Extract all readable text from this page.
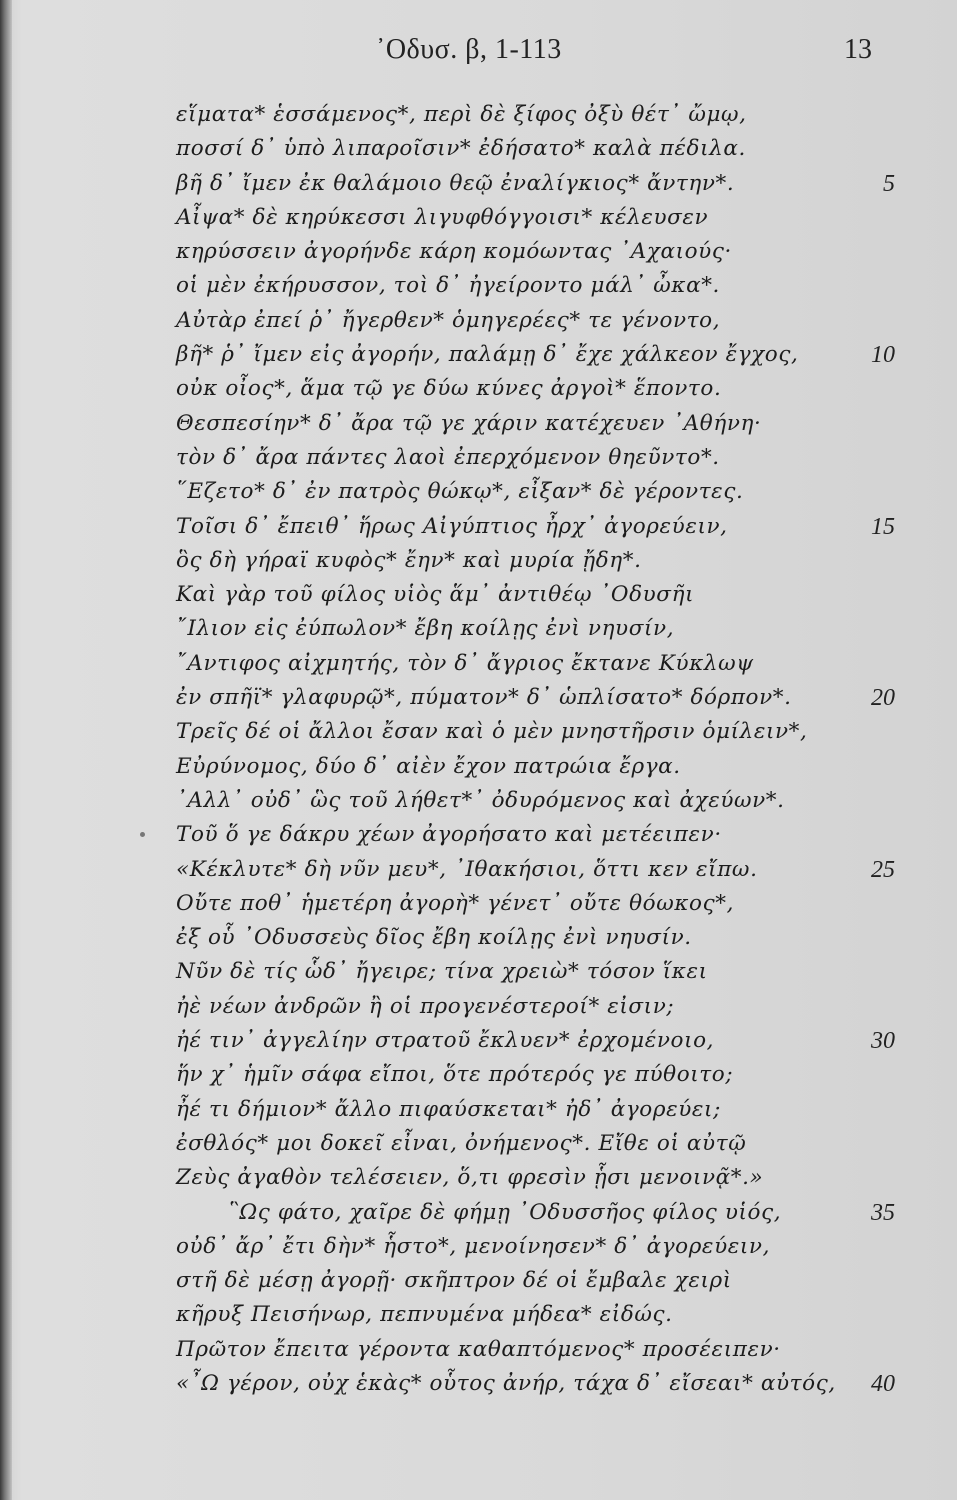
᾿Οδυσ. β, 1-113	13
εἵματα* ἑσσάμενος*, περὶ δὲ ξίφος ὀξὺ θέτ᾿ ὤμῳ,
ποσσί δ᾿ ὑπὸ λιπαροῖσιν* ἐδήσατο* καλὰ πέδιλα.
βῆ δ᾿ ἴμεν ἐκ θαλάμοιο θεῷ ἐναλίγκιος* ἄντην*.	5
Αἶψα* δὲ κηρύκεσσι λιγυφθόγγοισι* κέλευσεν
κηρύσσειν ἀγορήνδε κάρη κομόωντας ᾿Αχαιούς·
οἱ μὲν ἐκήρυσσον, τοὶ δ᾿ ἠγείροντο μάλ᾿ ὦκα*.
Αὐτὰρ ἐπεί ῥ᾿ ἤγερθεν* ὁμηγερέες* τε γένοντο,
βῆ* ῥ᾿ ἴμεν εἰς ἀγορήν, παλάμῃ δ᾿ ἔχε χάλκεον ἔγχος,	10
οὐκ οἶος*, ἅμα τῷ γε δύω κύνες ἀργοὶ* ἕποντο.
Θεσπεσίην* δ᾿ ἄρα τῷ γε χάριν κατέχευεν ᾿Αθήνη·
τὸν δ᾿ ἄρα πάντες λαοὶ ἐπερχόμενον θηεῦντο*.
῞Εζετο* δ᾿ ἐν πατρὸς θώκῳ*, εἶξαν* δὲ γέροντες.
Τοῖσι δ᾿ ἔπειθ᾿ ἥρως Αἰγύπτιος ἦρχ᾿ ἀγορεύειν,	15
ὃς δὴ γήραϊ κυφὸς* ἔην* καὶ μυρία ᾔδη*.
Καὶ γὰρ τοῦ φίλος υἱὸς ἅμ᾿ ἀντιθέῳ ᾿Οδυσῆι
῎Ιλιον εἰς ἐύπωλον* ἔβη κοίλῃς ἐνὶ νηυσίν,
῎Αντιφος αἰχμητής, τὸν δ᾿ ἄγριος ἔκτανε Κύκλωψ
ἐν σπῆϊ* γλαφυρῷ*, πύματον* δ᾿ ὡπλίσατο* δόρπον*.	20
Τρεῖς δέ οἱ ἄλλοι ἔσαν καὶ ὁ μὲν μνηστῆρσιν ὁμίλειν*,
Εὐρύνομος, δύο δ᾿ αἰὲν ἔχον πατρώια ἔργα.
᾿Αλλ᾿ οὐδ᾿ ὣς τοῦ λήθετ*᾿ ὀδυρόμενος καὶ ἀχεύων*.
Τοῦ ὅ γε δάκρυ χέων ἀγορήσατο καὶ μετέειπεν·
«Κέκλυτε* δὴ νῦν μευ*, ᾿Ιθακήσιοι, ὅττι κεν εἴπω.	25
Οὔτε ποθ᾿ ἡμετέρη ἀγορὴ* γένετ᾿ οὔτε θόωκος*,
ἐξ οὗ ᾿Οδυσσεὺς δῖος ἔβη κοίλῃς ἐνὶ νηυσίν.
Νῦν δὲ τίς ὧδ᾿ ἤγειρε; τίνα χρειὼ* τόσον ἵκει
ἠὲ νέων ἀνδρῶν ἢ οἱ προγενέστεροί* εἰσιν;
ἠέ τιν᾿ ἀγγελίην στρατοῦ ἔκλυεν* ἐρχομένοιο,	30
ἥν χ᾿ ἡμῖν σάφα εἴποι, ὅτε πρότερός γε πύθοιτο;
ἦέ τι δήμιον* ἄλλο πιφαύσκεται* ἠδ᾿ ἀγορεύει;
ἐσθλός* μοι δοκεῖ εἶναι, ὀνήμενος*. Εἴθε οἱ αὐτῷ
Ζεὺς ἀγαθὸν τελέσειεν, ὅ,τι φρεσὶν ᾗσι μενοινᾷ*.»
῝Ως φάτο, χαῖρε δὲ φήμῃ ᾿Οδυσσῆος φίλος υἱός,	35
οὐδ᾿ ἄρ᾿ ἔτι δὴν* ἧστο*, μενοίνησεν* δ᾿ ἀγορεύειν,
στῆ δὲ μέσῃ ἀγορῇ· σκῆπτρον δέ οἱ ἔμβαλε χειρὶ
κῆρυξ Πεισήνωρ, πεπνυμένα μήδεα* εἰδώς.
Πρῶτον ἔπειτα γέροντα καθαπτόμενος* προσέειπεν·
«῏Ω γέρον, οὐχ ἑκὰς* οὗτος ἀνήρ, τάχα δ᾿ εἴσεαι* αὐτός,	40
